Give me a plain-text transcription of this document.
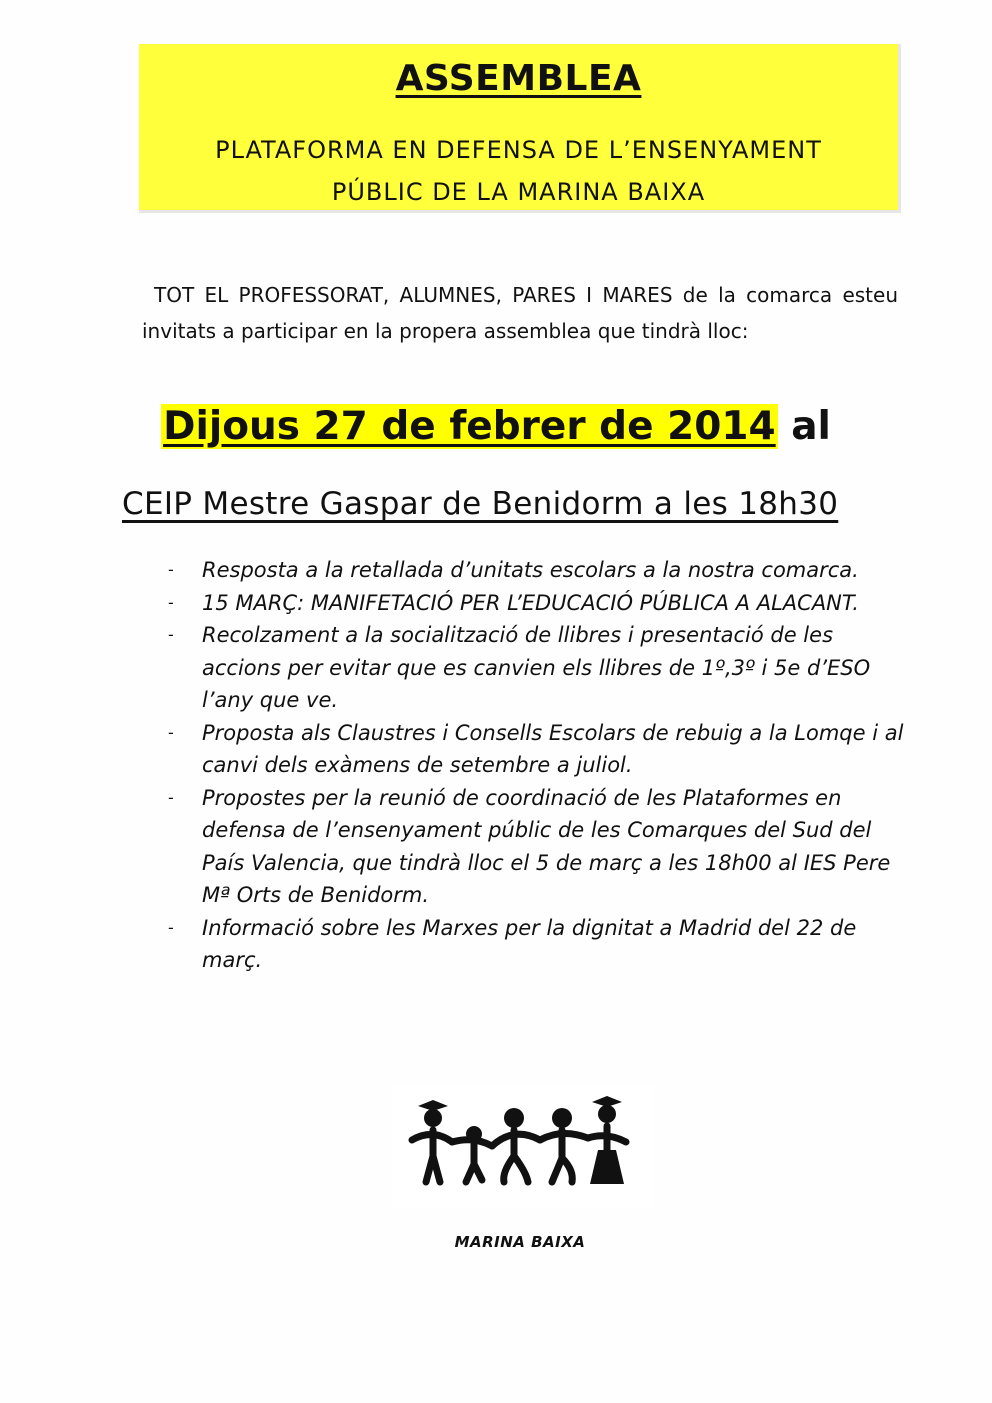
ASSEMBLEA
PLATAFORMA EN DEFENSA DE L’ENSENYAMENT
PÚBLIC DE LA MARINA BAIXA

TOT EL PROFESSORAT, ALUMNES, PARES I MARES de la comarca esteu invitats a participar en la propera assemblea que tindrà lloc:

Dijous 27 de febrer de 2014 al
CEIP Mestre Gaspar de Benidorm a les 18h30
- Resposta a la retallada d’unitats escolars a la nostra comarca.
- 15 MARÇ: MANIFETACIÓ PER L’EDUCACIÓ PÚBLICA A ALACANT.
- Recolzament a la socialització de llibres i presentació de les accions per evitar que es canvien els llibres de 1º,3º i 5e d’ESO l’any que ve.
- Proposta als Claustres i Consells Escolars de rebuig a la Lomqe i al canvi dels exàmens de setembre a juliol.
- Propostes per la reunió de coordinació de les Plataformes en defensa de l’ensenyament públic de les Comarques del Sud del País Valencia, que tindrà lloc el 5 de març a les 18h00 al IES Pere Mª Orts de Benidorm.
- Informació sobre les Marxes per la dignitat a Madrid del 22 de març.
MARINA BAIXA
